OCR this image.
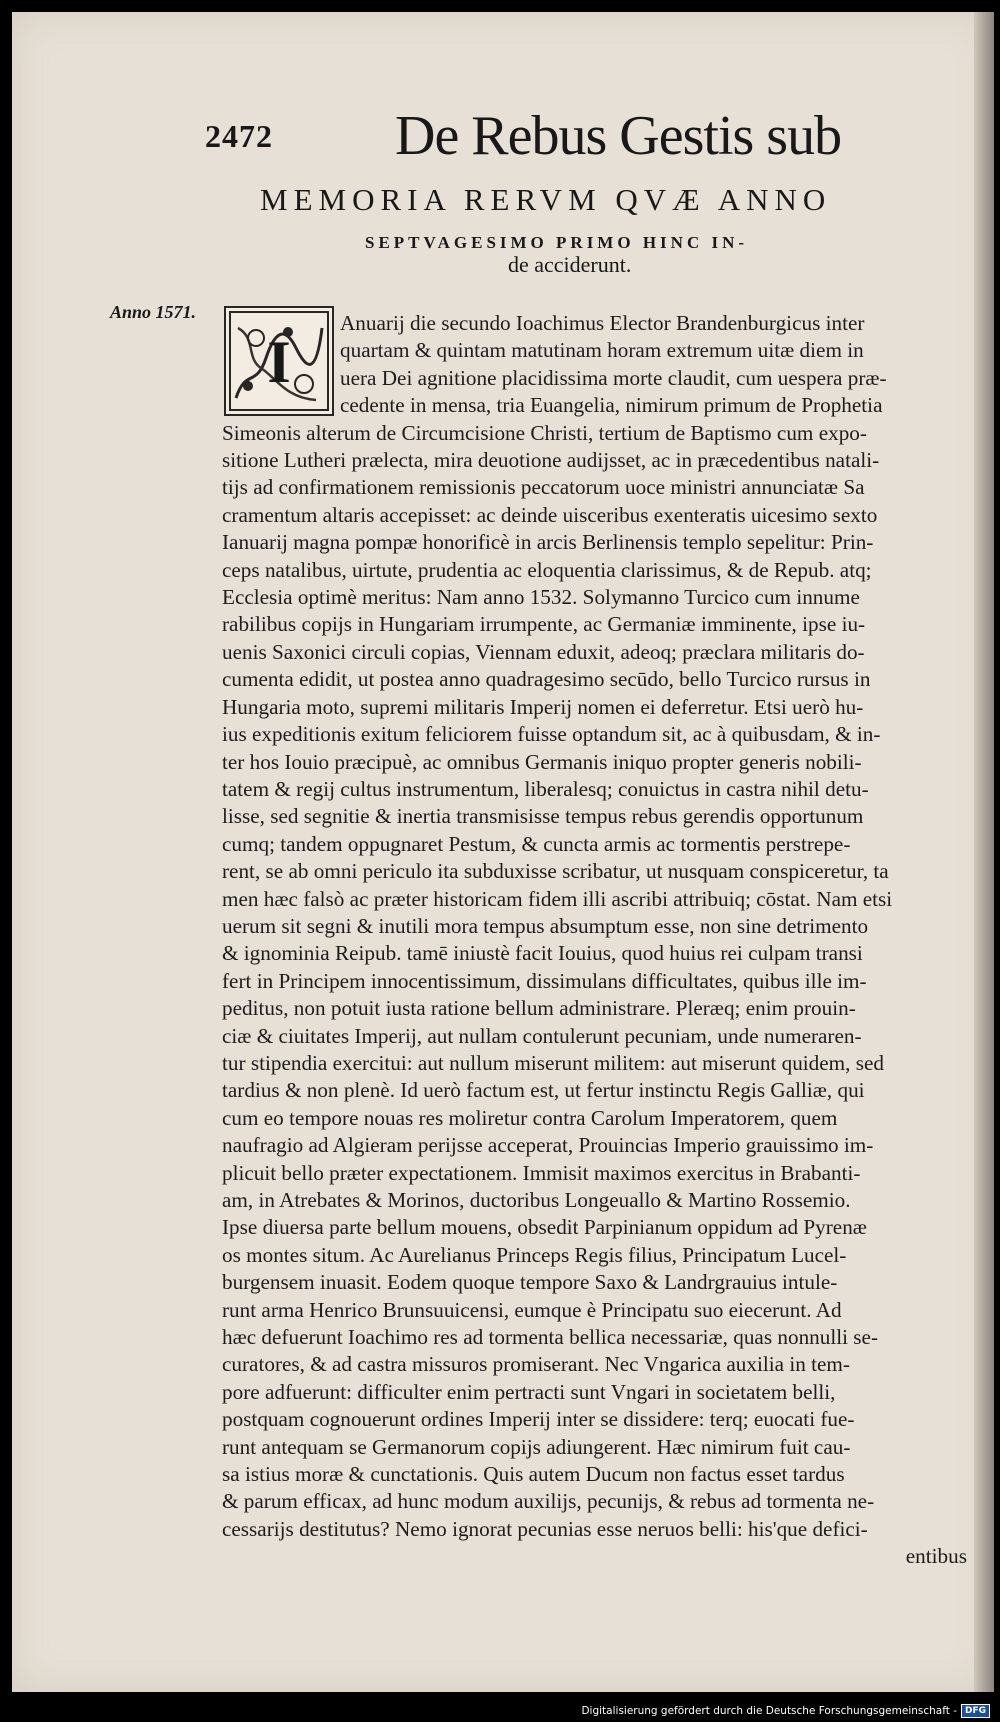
2472 De Rebus Gestis sub
MEMORIA RERVM QVÆ ANNO
SEPTVAGESIMO PRIMO HINC IN-
de acciderunt.
Anno 1571.
I
Anuarij die secundo Ioachimus Elector Brandenburgicus inter
quartam & quintam matutinam horam extremum uitæ diem in
uera Dei agnitione placidissima morte claudit, cum uespera præ-
cedente in mensa, tria Euangelia, nimirum primum de Prophetia
Simeonis alterum de Circumcisione Christi, tertium de Baptismo cum expo-
sitione Lutheri prælecta, mira deuotione audijsset, ac in præcedentibus natali-
tijs ad confirmationem remissionis peccatorum uoce ministri annunciatæ Sa
cramentum altaris accepisset: ac deinde uisceribus exenteratis uicesimo sexto
Ianuarij magna pompæ honorificè in arcis Berlinensis templo sepelitur: Prin-
ceps natalibus, uirtute, prudentia ac eloquentia clarissimus, & de Repub. atq;
Ecclesia optimè meritus: Nam anno 1532. Solymanno Turcico cum innume
rabilibus copijs in Hungariam irrumpente, ac Germaniæ imminente, ipse iu-
uenis Saxonici circuli copias, Viennam eduxit, adeoq; præclara militaris do-
cumenta edidit, ut postea anno quadragesimo secūdo, bello Turcico rursus in
Hungaria moto, supremi militaris Imperij nomen ei deferretur. Etsi uerò hu-
ius expeditionis exitum feliciorem fuisse optandum sit, ac à quibusdam, & in-
ter hos Iouio præcipuè, ac omnibus Germanis iniquo propter generis nobili-
tatem & regij cultus instrumentum, liberalesq; conuictus in castra nihil detu-
lisse, sed segnitie & inertia transmisisse tempus rebus gerendis opportunum
cumq; tandem oppugnaret Pestum, & cuncta armis ac tormentis perstrepe-
rent, se ab omni periculo ita subduxisse scribatur, ut nusquam conspiceretur, ta
men hæc falsò ac præter historicam fidem illi ascribi attribuiq; cōstat. Nam etsi
uerum sit segni & inutili mora tempus absumptum esse, non sine detrimento
& ignominia Reipub. tamē iniustè facit Iouius, quod huius rei culpam transi
fert in Principem innocentissimum, dissimulans difficultates, quibus ille im-
peditus, non potuit iusta ratione bellum administrare. Pleræq; enim prouin-
ciæ & ciuitates Imperij, aut nullam contulerunt pecuniam, unde numeraren-
tur stipendia exercitui: aut nullum miserunt militem: aut miserunt quidem, sed
tardius & non plenè. Id uerò factum est, ut fertur instinctu Regis Galliæ, qui
cum eo tempore nouas res moliretur contra Carolum Imperatorem, quem
naufragio ad Algieram perijsse acceperat, Prouincias Imperio grauissimo im-
plicuit bello præter expectationem. Immisit maximos exercitus in Brabanti-
am, in Atrebates & Morinos, ductoribus Longeuallo & Martino Rossemio.
Ipse diuersa parte bellum mouens, obsedit Parpinianum oppidum ad Pyrenæ
os montes situm. Ac Aurelianus Princeps Regis filius, Principatum Lucel-
burgensem inuasit. Eodem quoque tempore Saxo & Landrgrauius intule-
runt arma Henrico Brunsuuicensi, eumque è Principatu suo eiecerunt. Ad
hæc defuerunt Ioachimo res ad tormenta bellica necessariæ, quas nonnulli se-
curatores, & ad castra missuros promiserant. Nec Vngarica auxilia in tem-
pore adfuerunt: difficulter enim pertracti sunt Vngari in societatem belli,
postquam cognouerunt ordines Imperij inter se dissidere: terq; euocati fue-
runt antequam se Germanorum copijs adiungerent. Hæc nimirum fuit cau-
sa istius moræ & cunctationis. Quis autem Ducum non factus esset tardus
& parum efficax, ad hunc modum auxilijs, pecunijs, & rebus ad tormenta ne-
cessarijs destitutus? Nemo ignorat pecunias esse neruos belli: his'que defici-
entibus
Digitalisierung gefördert durch die Deutsche Forschungsgemeinschaft - DFG
